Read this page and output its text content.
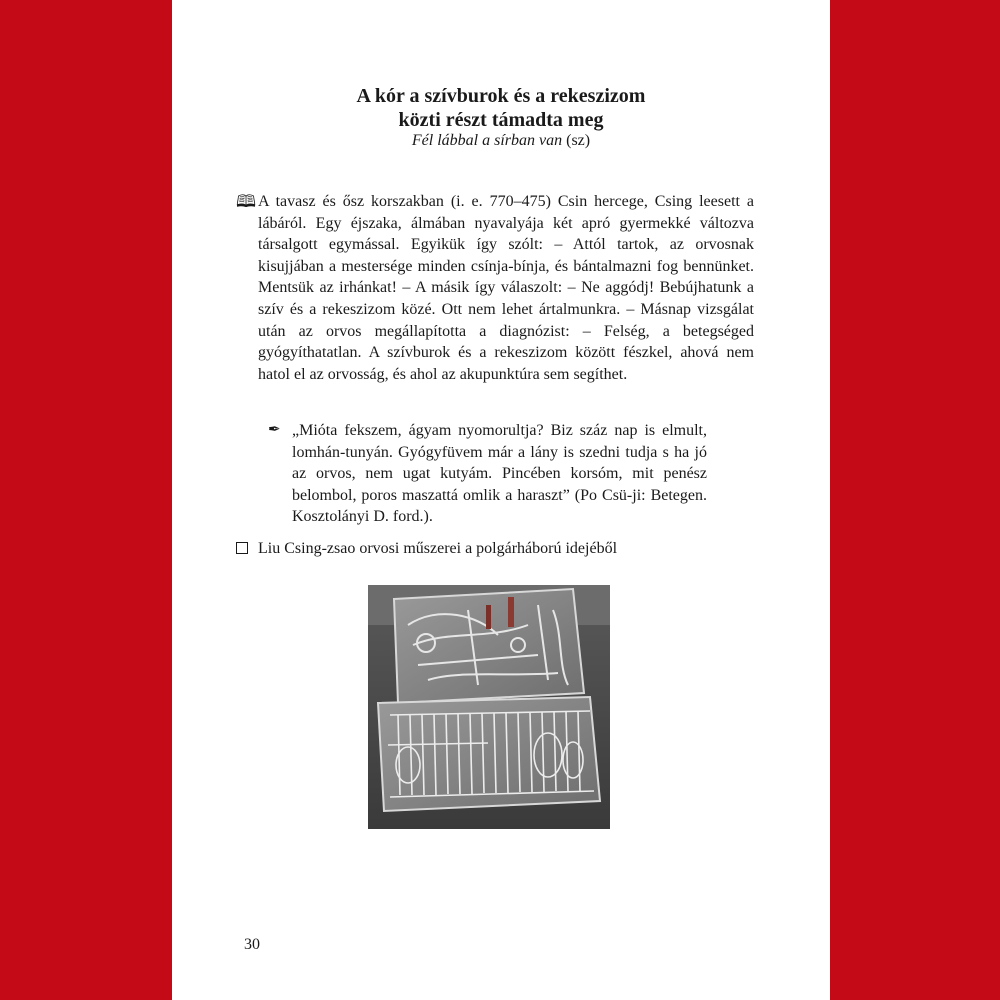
A kór a szívburok és a rekeszizom
közti részt támadta meg
Fél lábbal a sírban van (sz)
🕮 A tavasz és ősz korszakban (i. e. 770–475) Csin hercege, Csing leesett a lábáról. Egy éjszaka, álmában nyavalyája két apró gyermekké változva társalgott egymással. Egyikük így szólt: – Attól tartok, az orvosnak kisujjában a mestersége minden csínja-bínja, és bántalmazni fog bennünket. Mentsük az irhánkat! – A másik így válaszolt: – Ne aggódj! Bebújhatunk a szív és a rekeszizom közé. Ott nem lehet ártalmunkra. – Másnap vizsgálat után az orvos megállapította a diagnózist: – Felség, a betegséged gyógyíthatatlan. A szívburok és a rekeszizom között fészkel, ahová nem hatol el az orvosság, és ahol az akupunktúra sem segíthet.
✒ „Mióta fekszem, ágyam nyomorultja? Biz száz nap is elmult, lomhán-tunyán. Gyógyfüvem már a lány is szedni tudja s ha jó az orvos, nem ugat kutyám. Pincében korsóm, mit penész belombol, poros maszattá omlik a haraszt” (Po Csü-ji: Betegen. Kosztolányi D. ford.).
Liu Csing-zsao orvosi műszerei a polgárháború idejéből
30
